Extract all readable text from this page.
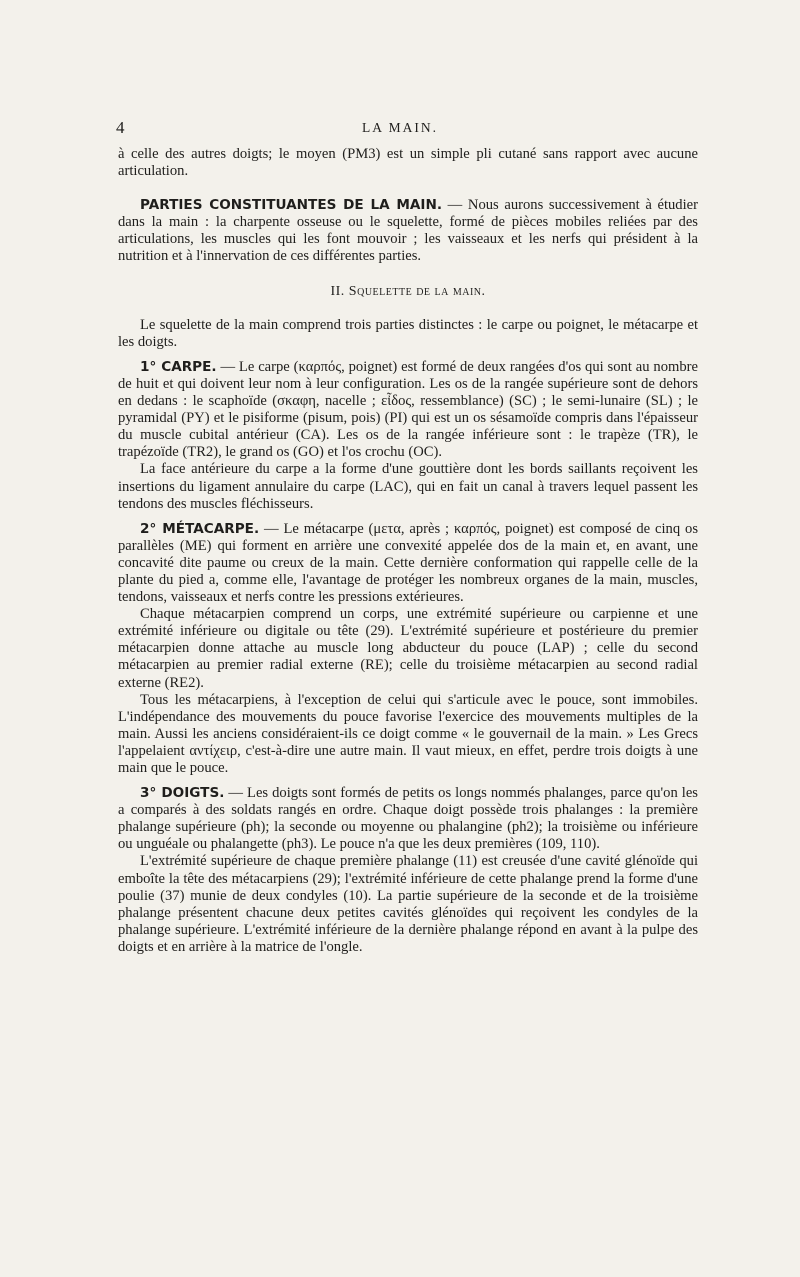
4	LA MAIN.

à celle des autres doigts; le moyen (PM3) est un simple pli cutané sans rapport avec aucune articulation.

PARTIES CONSTITUANTES DE LA MAIN. — Nous aurons successivement à étudier dans la main : la charpente osseuse ou le squelette, formé de pièces mobiles reliées par des articulations, les muscles qui les font mouvoir ; les vaisseaux et les nerfs qui président à la nutrition et à l'innervation de ces différentes parties.

II. Squelette de la main.

Le squelette de la main comprend trois parties distinctes : le carpe ou poignet, le métacarpe et les doigts.

1° CARPE. — Le carpe (καρπός, poignet) est formé de deux rangées d'os qui sont au nombre de huit et qui doivent leur nom à leur configuration. Les os de la rangée supérieure sont de dehors en dedans : le scaphoïde (σκαφη, nacelle ; εἶδος, ressemblance) (SC) ; le semi-lunaire (SL) ; le pyramidal (PY) et le pisiforme (pisum, pois) (PI) qui est un os sésamoïde compris dans l'épaisseur du muscle cubital antérieur (CA). Les os de la rangée inférieure sont : le trapèze (TR), le trapézoïde (TR2), le grand os (GO) et l'os crochu (OC).

La face antérieure du carpe a la forme d'une gouttière dont les bords saillants reçoivent les insertions du ligament annulaire du carpe (LAC), qui en fait un canal à travers lequel passent les tendons des muscles fléchisseurs.

2° MÉTACARPE. — Le métacarpe (μετα, après ; καρπός, poignet) est composé de cinq os parallèles (ME) qui forment en arrière une convexité appelée dos de la main et, en avant, une concavité dite paume ou creux de la main. Cette dernière conformation qui rappelle celle de la plante du pied a, comme elle, l'avantage de protéger les nombreux organes de la main, muscles, tendons, vaisseaux et nerfs contre les pressions extérieures.

Chaque métacarpien comprend un corps, une extrémité supérieure ou carpienne et une extrémité inférieure ou digitale ou tête (29). L'extrémité supérieure et postérieure du premier métacarpien donne attache au muscle long abducteur du pouce (LAP) ; celle du second métacarpien au premier radial externe (RE); celle du troisième métacarpien au second radial externe (RE2).

Tous les métacarpiens, à l'exception de celui qui s'articule avec le pouce, sont immobiles. L'indépendance des mouvements du pouce favorise l'exercice des mouvements multiples de la main. Aussi les anciens considéraient-ils ce doigt comme « le gouvernail de la main. » Les Grecs l'appelaient αντίχειρ, c'est-à-dire une autre main. Il vaut mieux, en effet, perdre trois doigts à une main que le pouce.

3° DOIGTS. — Les doigts sont formés de petits os longs nommés phalanges, parce qu'on les a comparés à des soldats rangés en ordre. Chaque doigt possède trois phalanges : la première phalange supérieure (ph); la seconde ou moyenne ou phalangine (ph2); la troisième ou inférieure ou unguéale ou phalangette (ph3). Le pouce n'a que les deux premières (109, 110).

L'extrémité supérieure de chaque première phalange (11) est creusée d'une cavité glénoïde qui emboîte la tête des métacarpiens (29); l'extrémité inférieure de cette phalange prend la forme d'une poulie (37) munie de deux condyles (10). La partie supérieure de la seconde et de la troisième phalange présentent chacune deux petites cavités glénoïdes qui reçoivent les condyles de la phalange supérieure. L'extrémité inférieure de la dernière phalange répond en avant à la pulpe des doigts et en arrière à la matrice de l'ongle.
